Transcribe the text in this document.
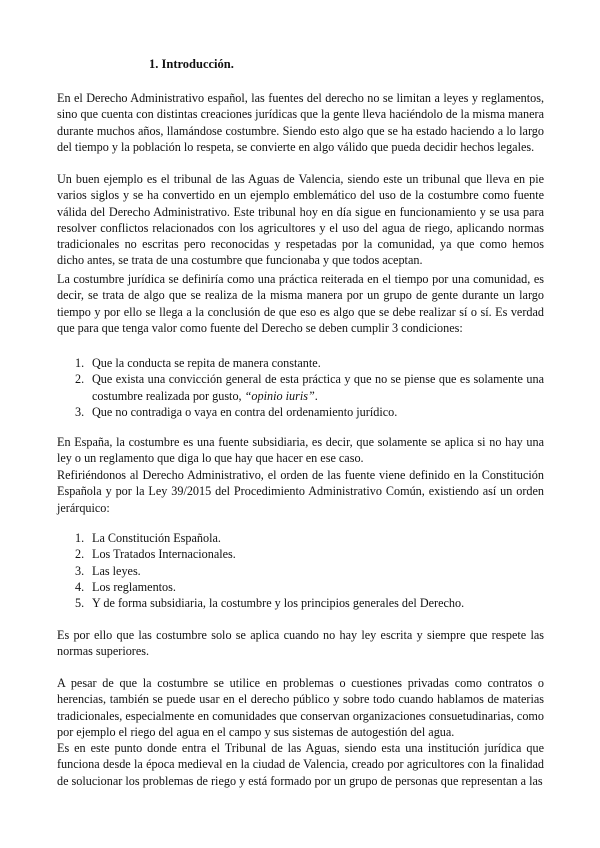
1. Introducción.

En el Derecho Administrativo español, las fuentes del derecho no se limitan a leyes y reglamentos, sino que cuenta con distintas creaciones jurídicas que la gente lleva haciéndolo de la misma manera durante muchos años, llamándose costumbre. Siendo esto algo que se ha estado haciendo a lo largo del tiempo y la población lo respeta, se convierte en algo válido que pueda decidir hechos legales.

Un buen ejemplo es el tribunal de las Aguas de Valencia, siendo este un tribunal que lleva en pie varios siglos y se ha convertido en un ejemplo emblemático del uso de la costumbre como fuente válida del Derecho Administrativo. Este tribunal hoy en día sigue en funcionamiento y se usa para resolver conflictos relacionados con los agricultores y el uso del agua de riego, aplicando normas tradicionales no escritas pero reconocidas y respetadas por la comunidad, ya que como hemos dicho antes, se trata de una costumbre que funcionaba y que todos aceptan.

La costumbre jurídica se definiría como una práctica reiterada en el tiempo por una comunidad, es decir, se trata de algo que se realiza de la misma manera por un grupo de gente durante un largo tiempo y por ello se llega a la conclusión de que eso es algo que se debe realizar sí o sí. Es verdad que para que tenga valor como fuente del Derecho se deben cumplir 3 condiciones:

1. Que la conducta se repita de manera constante.
2. Que exista una convicción general de esta práctica y que no se piense que es solamente una costumbre realizada por gusto, “opinio iuris”.
3. Que no contradiga o vaya en contra del ordenamiento jurídico.

En España, la costumbre es una fuente subsidiaria, es decir, que solamente se aplica si no hay una ley o un reglamento que diga lo que hay que hacer en ese caso.

Refiriéndonos al Derecho Administrativo, el orden de las fuente viene definido en la Constitución Española y por la Ley 39/2015 del Procedimiento Administrativo Común, existiendo así un orden jerárquico:

1. La Constitución Española.
2. Los Tratados Internacionales.
3. Las leyes.
4. Los reglamentos.
5. Y de forma subsidiaria, la costumbre y los principios generales del Derecho.

Es por ello que las costumbre solo se aplica cuando no hay ley escrita y siempre que respete las normas superiores.

A pesar de que la costumbre se utilice en problemas o cuestiones privadas como contratos o herencias, también se puede usar en el derecho público y sobre todo cuando hablamos de materias tradicionales, especialmente en comunidades que conservan organizaciones consuetudinarias, como por ejemplo el riego del agua en el campo y sus sistemas de autogestión del agua.

Es en este punto donde entra el Tribunal de las Aguas, siendo esta una institución jurídica que funciona desde la época medieval en la ciudad de Valencia, creado por agricultores con la finalidad de solucionar los problemas de riego y está formado por un grupo de personas que representan a las
